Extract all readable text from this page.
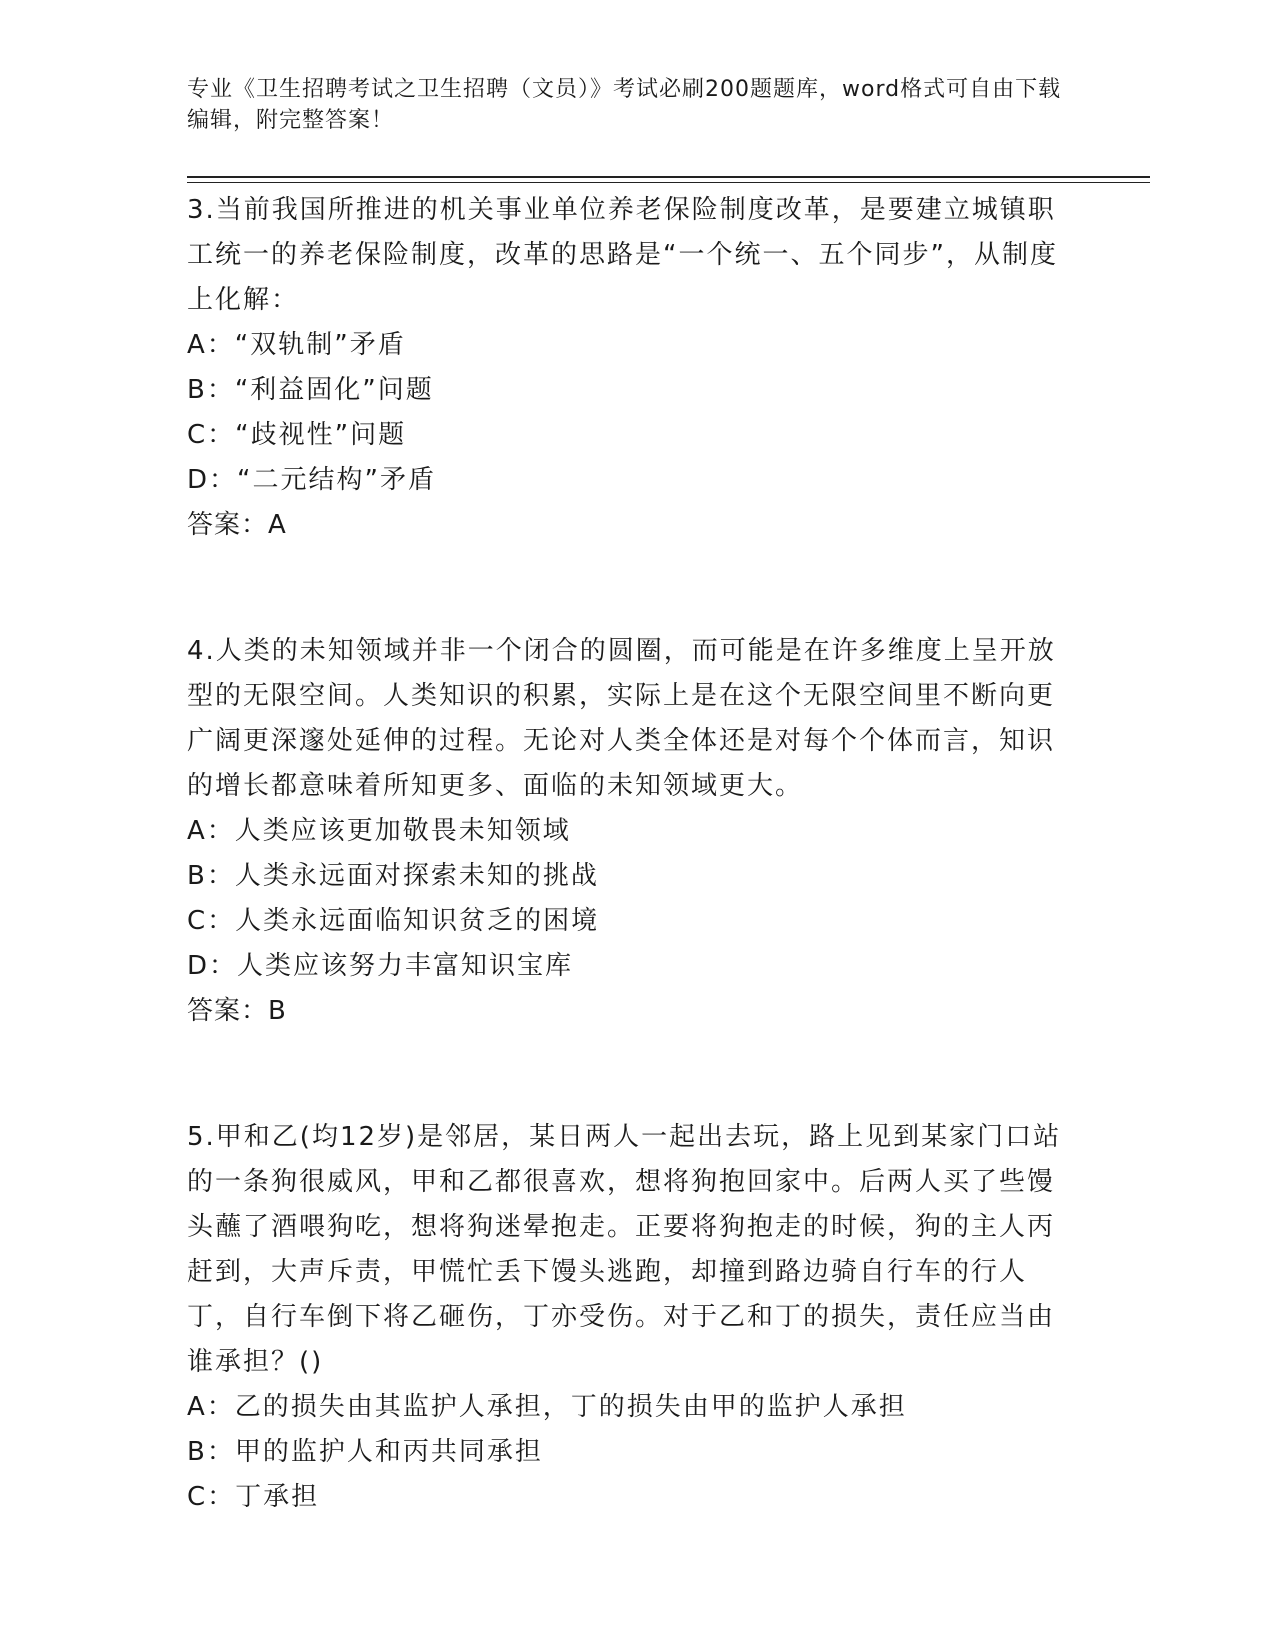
专业《卫生招聘考试之卫生招聘（文员）》考试必刷200题题库，word格式可自由下载编辑，附完整答案！
3.当前我国所推进的机关事业单位养老保险制度改革，是要建立城镇职工统一的养老保险制度，改革的思路是“一个统一、五个同步”，从制度上化解：
A：“双轨制”矛盾
B：“利益固化”问题
C：“歧视性”问题
D：“二元结构”矛盾
答案：A
4.人类的未知领域并非一个闭合的圆圈，而可能是在许多维度上呈开放型的无限空间。人类知识的积累，实际上是在这个无限空间里不断向更广阔更深邃处延伸的过程。无论对人类全体还是对每个个体而言，知识的增长都意味着所知更多、面临的未知领域更大。
A：人类应该更加敬畏未知领域
B：人类永远面对探索未知的挑战
C：人类永远面临知识贫乏的困境
D：人类应该努力丰富知识宝库
答案：B
5.甲和乙(均12岁)是邻居，某日两人一起出去玩，路上见到某家门口站的一条狗很威风，甲和乙都很喜欢，想将狗抱回家中。后两人买了些馒头蘸了酒喂狗吃，想将狗迷晕抱走。正要将狗抱走的时候，狗的主人丙赶到，大声斥责，甲慌忙丢下馒头逃跑，却撞到路边骑自行车的行人丁，自行车倒下将乙砸伤，丁亦受伤。对于乙和丁的损失，责任应当由谁承担？()
A：乙的损失由其监护人承担，丁的损失由甲的监护人承担
B：甲的监护人和丙共同承担
C：丁承担
